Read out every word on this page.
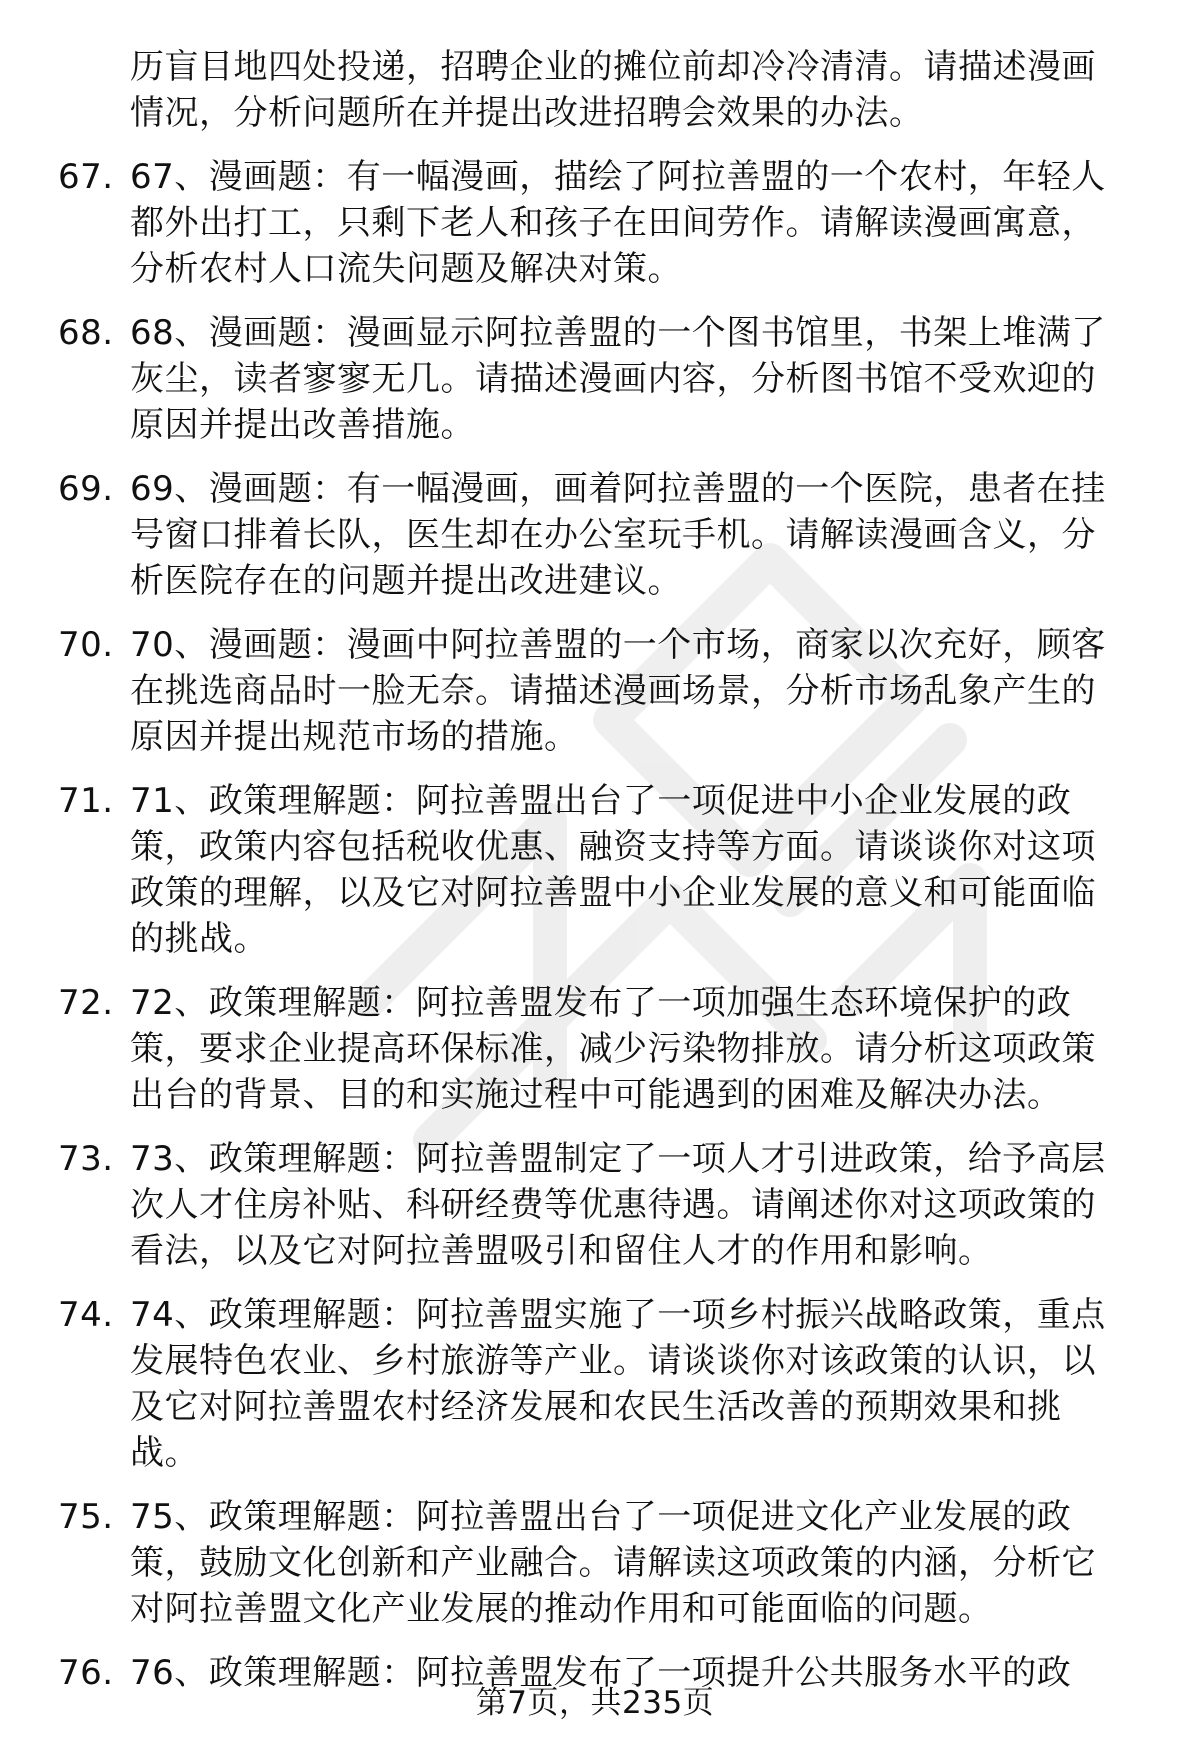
历盲目地四处投递，招聘企业的摊位前却冷冷清清。请描述漫画
情况，分析问题所在并提出改进招聘会效果的办法。
67. 67、漫画题：有一幅漫画，描绘了阿拉善盟的一个农村，年轻人
都外出打工，只剩下老人和孩子在田间劳作。请解读漫画寓意，
分析农村人口流失问题及解决对策。
68. 68、漫画题：漫画显示阿拉善盟的一个图书馆里，书架上堆满了
灰尘，读者寥寥无几。请描述漫画内容，分析图书馆不受欢迎的
原因并提出改善措施。
69. 69、漫画题：有一幅漫画，画着阿拉善盟的一个医院，患者在挂
号窗口排着长队，医生却在办公室玩手机。请解读漫画含义，分
析医院存在的问题并提出改进建议。
70. 70、漫画题：漫画中阿拉善盟的一个市场，商家以次充好，顾客
在挑选商品时一脸无奈。请描述漫画场景，分析市场乱象产生的
原因并提出规范市场的措施。
71. 71、政策理解题：阿拉善盟出台了一项促进中小企业发展的政
策，政策内容包括税收优惠、融资支持等方面。请谈谈你对这项
政策的理解，以及它对阿拉善盟中小企业发展的意义和可能面临
的挑战。
72. 72、政策理解题：阿拉善盟发布了一项加强生态环境保护的政
策，要求企业提高环保标准，减少污染物排放。请分析这项政策
出台的背景、目的和实施过程中可能遇到的困难及解决办法。
73. 73、政策理解题：阿拉善盟制定了一项人才引进政策，给予高层
次人才住房补贴、科研经费等优惠待遇。请阐述你对这项政策的
看法，以及它对阿拉善盟吸引和留住人才的作用和影响。
74. 74、政策理解题：阿拉善盟实施了一项乡村振兴战略政策，重点
发展特色农业、乡村旅游等产业。请谈谈你对该政策的认识，以
及它对阿拉善盟农村经济发展和农民生活改善的预期效果和挑
战。
75. 75、政策理解题：阿拉善盟出台了一项促进文化产业发展的政
策，鼓励文化创新和产业融合。请解读这项政策的内涵，分析它
对阿拉善盟文化产业发展的推动作用和可能面临的问题。
76. 76、政策理解题：阿拉善盟发布了一项提升公共服务水平的政
第7页，共235页
